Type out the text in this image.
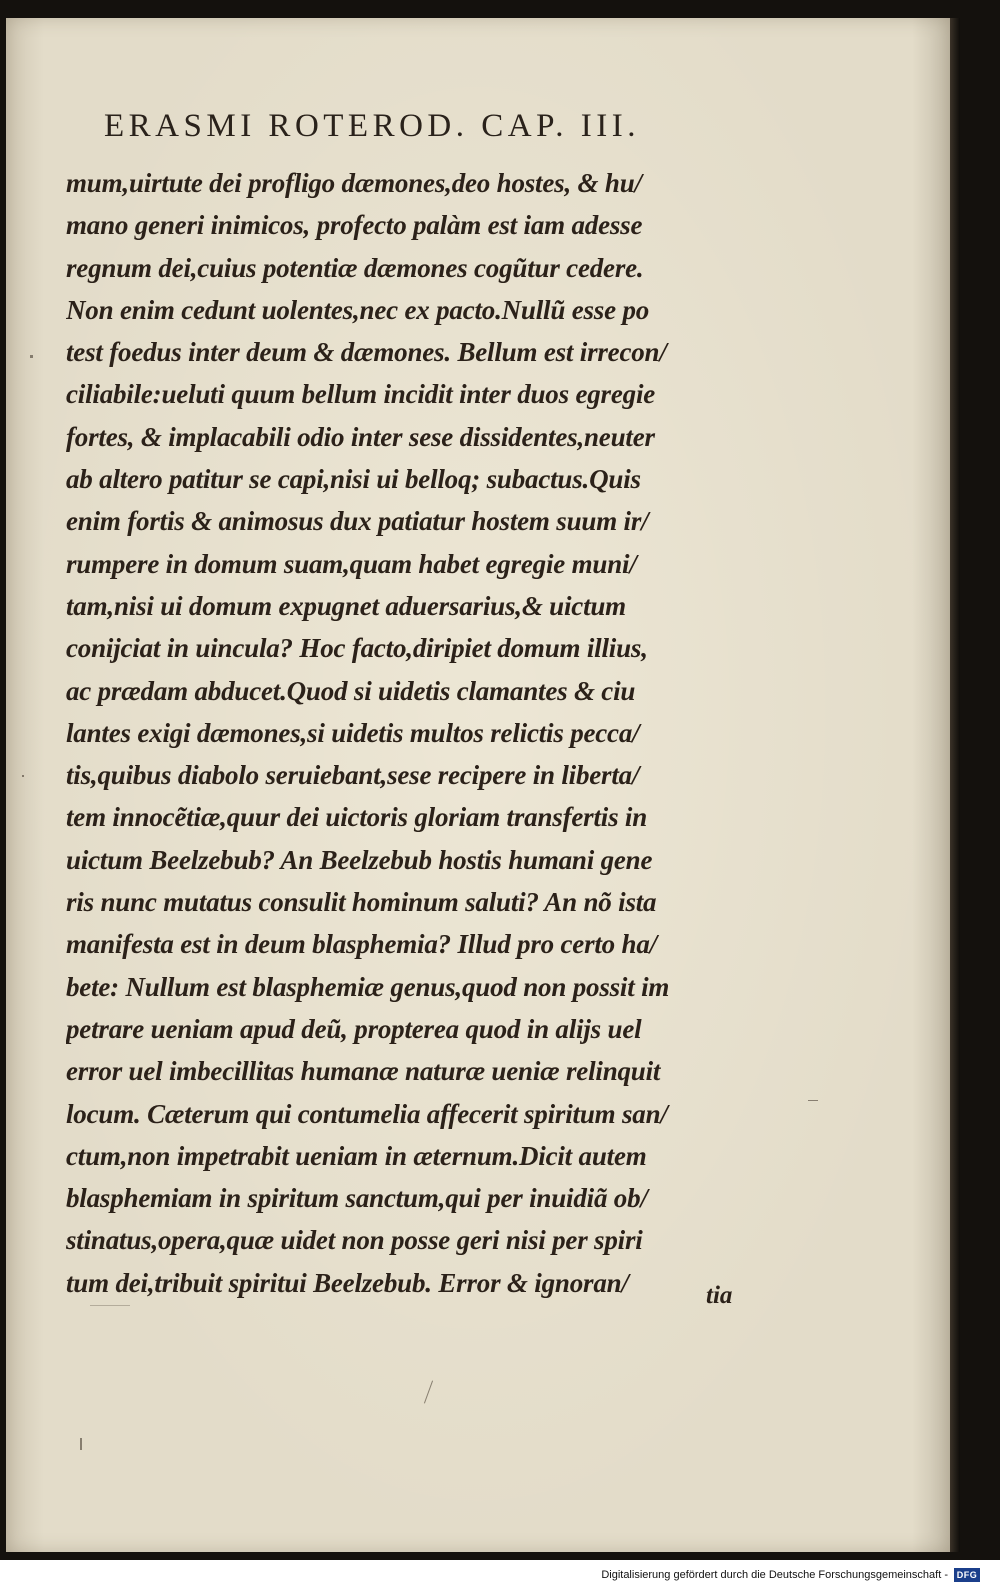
ERASMI ROTEROD. CAP. III.
mum,uirtute dei profligo dæmones,deo hostes, & hu/
mano generi inimicos, profecto palàm est iam adesse
regnum dei,cuius potentiæ dæmones cogũtur cedere.
Non enim cedunt uolentes,nec ex pacto.Nullũ esse po
test foedus inter deum & dæmones. Bellum est irrecon/
ciliabile:ueluti quum bellum incidit inter duos egregie
fortes, & implacabili odio inter sese dissidentes,neuter
ab altero patitur se capi,nisi ui belloq; subactus.Quis
enim fortis & animosus dux patiatur hostem suum ir/
rumpere in domum suam,quam habet egregie muni/
tam,nisi ui domum expugnet aduersarius,& uictum
conijciat in uincula? Hoc facto,diripiet domum illius,
ac prædam abducet.Quod si uidetis clamantes & ciu
lantes exigi dæmones,si uidetis multos relictis pecca/
tis,quibus diabolo seruiebant,sese recipere in liberta/
tem innocẽtiæ,quur dei uictoris gloriam transfertis in
uictum Beelzebub? An Beelzebub hostis humani gene
ris nunc mutatus consulit hominum saluti? An nõ ista
manifesta est in deum blasphemia? Illud pro certo ha/
bete: Nullum est blasphemiæ genus,quod non possit im
petrare ueniam apud deũ, propterea quod in alijs uel
error uel imbecillitas humanæ naturæ ueniæ relinquit
locum. Cæterum qui contumelia affecerit spiritum san/
ctum,non impetrabit ueniam in æternum.Dicit autem
blasphemiam in spiritum sanctum,qui per inuidiã ob/
stinatus,opera,quæ uidet non posse geri nisi per spiri
tum dei,tribuit spiritui Beelzebub. Error & ignoran/	tia
Digitalisierung gefördert durch die Deutsche Forschungsgemeinschaft - DFG
